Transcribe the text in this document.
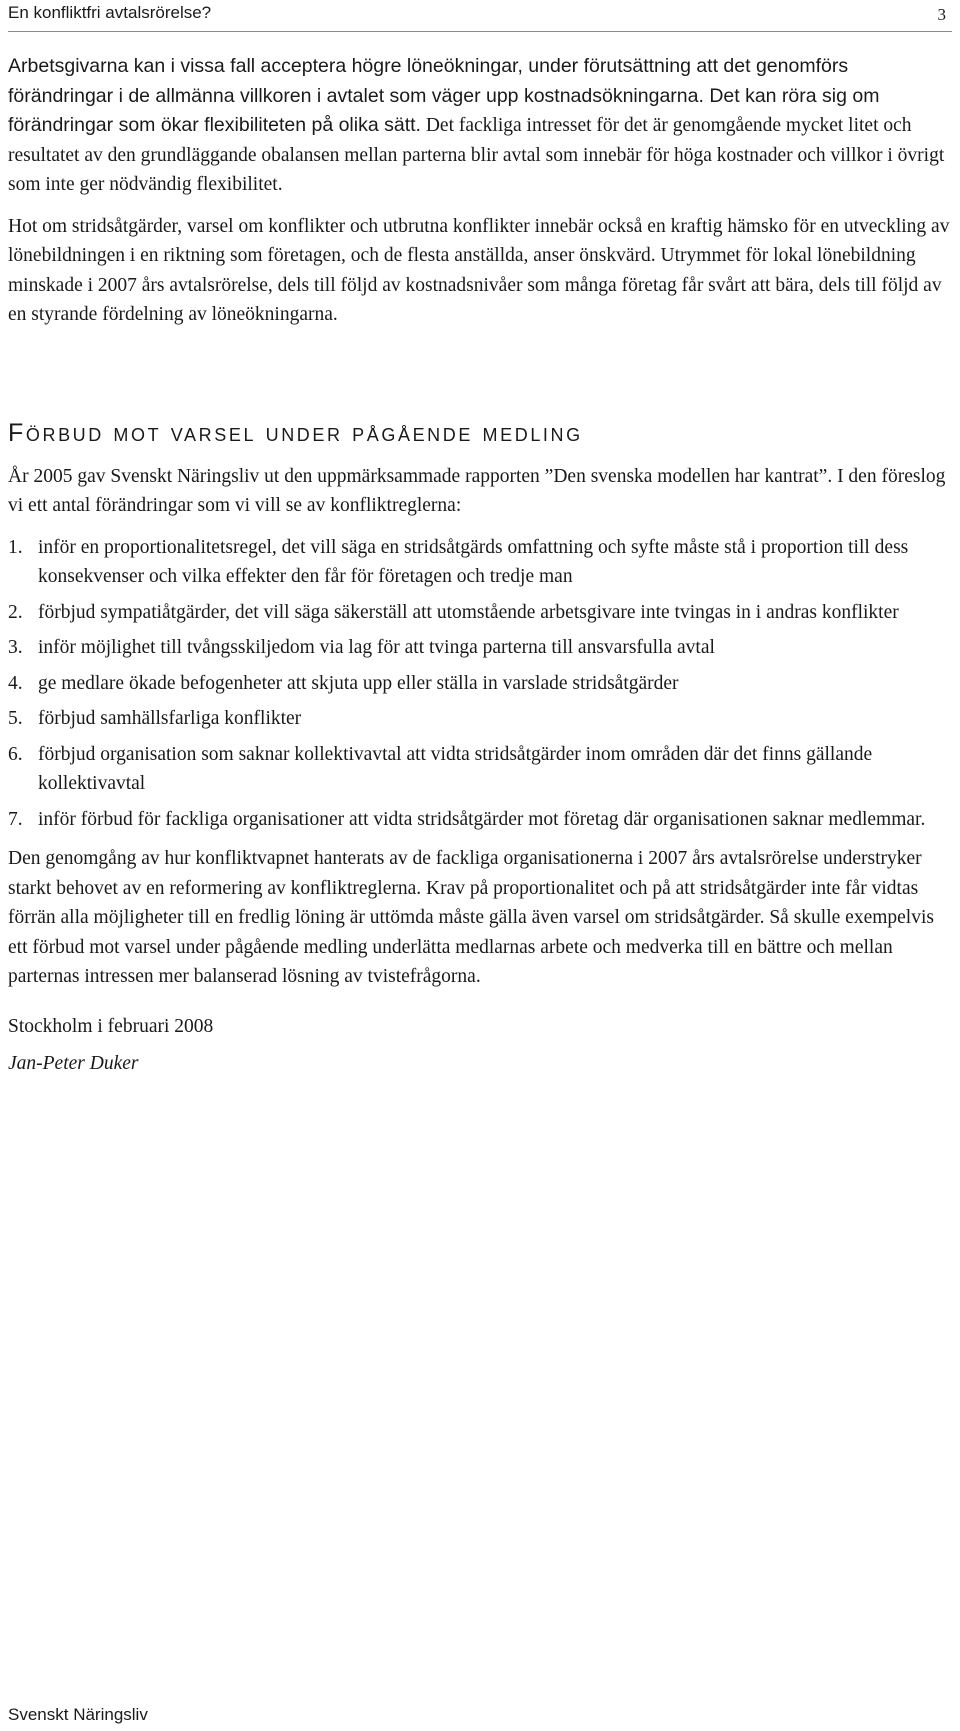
En konfliktfri avtalsrörelse?	3

Arbetsgivarna kan i vissa fall acceptera högre löneökningar, under förutsättning att det genomförs förändringar i de allmänna villkoren i avtalet som väger upp kostnadsökningarna. Det kan röra sig om förändringar som ökar flexibiliteten på olika sätt. Det fackliga intresset för det är genomgående mycket litet och resultatet av den grundläggande obalansen mellan parterna blir avtal som innebär för höga kostnader och villkor i övrigt som inte ger nödvändig flexibilitet.

Hot om stridsåtgärder, varsel om konflikter och utbrutna konflikter innebär också en kraftig hämsko för en utveckling av lönebildningen i en riktning som företagen, och de flesta anställda, anser önskvärd. Utrymmet för lokal lönebildning minskade i 2007 års avtalsrörelse, dels till följd av kostnadsnivåer som många företag får svårt att bära, dels till följd av en styrande fördelning av löneökningarna.

Förbud mot varsel under pågående medling

År 2005 gav Svenskt Näringsliv ut den uppmärksammade rapporten ”Den svenska modellen har kantrat”. I den föreslog vi ett antal förändringar som vi vill se av konfliktreglerna:

1. inför en proportionalitetsregel, det vill säga en stridsåtgärds omfattning och syfte måste stå i proportion till dess konsekvenser och vilka effekter den får för företagen och tredje man
2. förbjud sympatiåtgärder, det vill säga säkerställ att utomstående arbetsgivare inte tvingas in i andras konflikter
3. inför möjlighet till tvångsskiljedom via lag för att tvinga parterna till ansvarsfulla avtal
4. ge medlare ökade befogenheter att skjuta upp eller ställa in varslade stridsåtgärder
5. förbjud samhällsfarliga konflikter
6. förbjud organisation som saknar kollektivavtal att vidta stridsåtgärder inom områden där det finns gällande kollektivavtal
7. inför förbud för fackliga organisationer att vidta stridsåtgärder mot företag där organisationen saknar medlemmar.

Den genomgång av hur konfliktvapnet hanterats av de fackliga organisationerna i 2007 års avtalsrörelse understryker starkt behovet av en reformering av konfliktreglerna. Krav på proportionalitet och på att stridsåtgärder inte får vidtas förrän alla möjligheter till en fredlig löning är uttömda måste gälla även varsel om stridsåtgärder. Så skulle exempelvis ett förbud mot varsel under pågående medling underlätta medlarnas arbete och medverka till en bättre och mellan parternas intressen mer balanserad lösning av tvistefrågorna.

Stockholm i februari 2008

Jan-Peter Duker

Svenskt Näringsliv
